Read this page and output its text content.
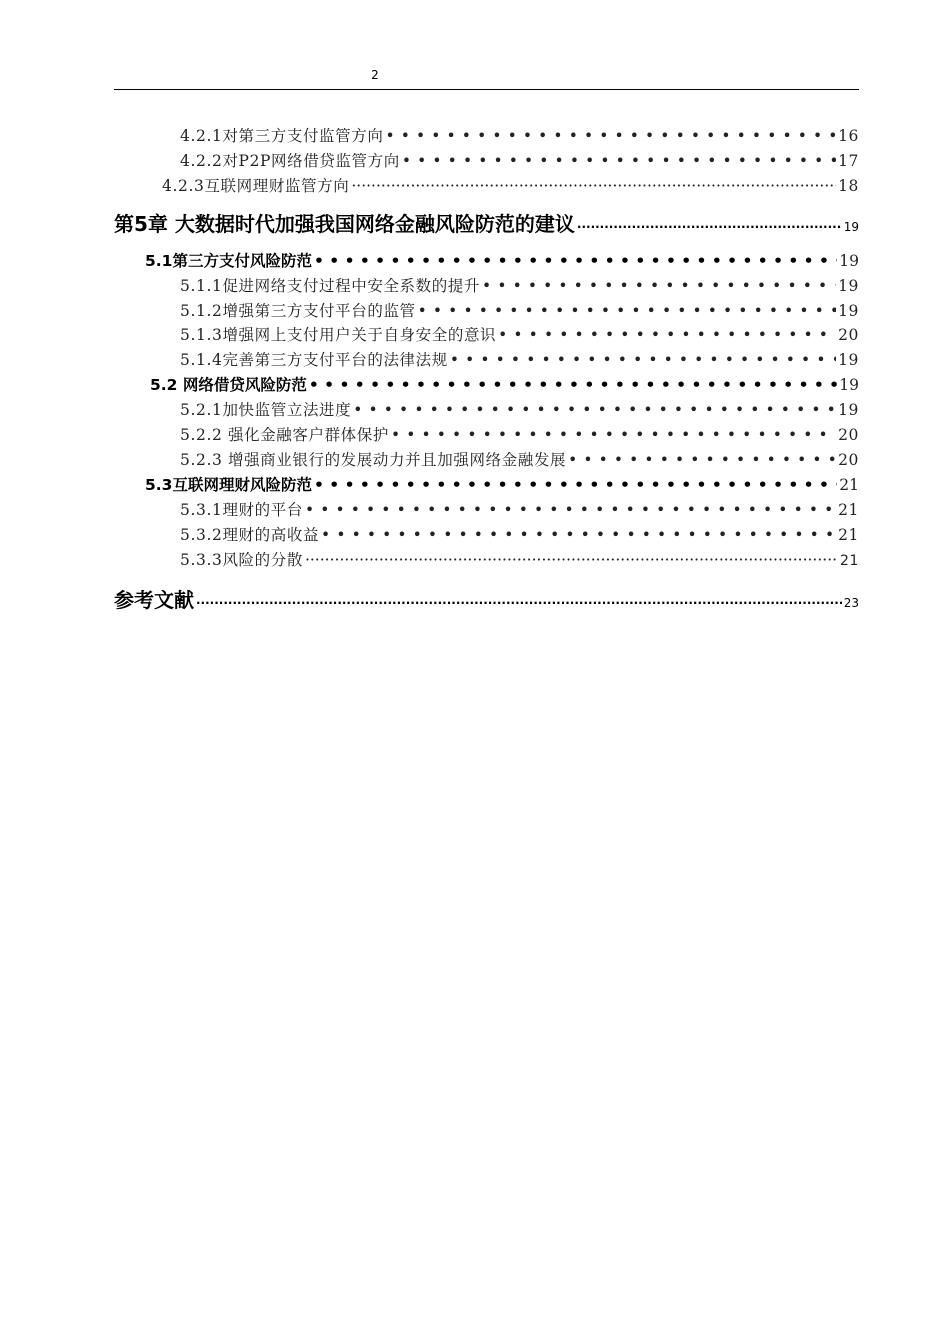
2
4.2.1对第三方支付监管方向 • • •	16
4.2.2对P2P网络借贷监管方向 • • •	17
4.2.3互联网理财监管方向 ·····	18
第5章 大数据时代加强我国网络金融风险防范的建议 ·····	19
5.1第三方支付风险防范 • • •	19
5.1.1促进网络支付过程中安全系数的提升 • • •	19
5.1.2增强第三方支付平台的监管 • • •	19
5.1.3增强网上支付用户关于自身安全的意识 • • •	20
5.1.4完善第三方支付平台的法律法规 • • •	19
5.2 网络借贷风险防范 • • •	19
5.2.1加快监管立法进度 • • •	19
5.2.2 强化金融客户群体保护 • • •	20
5.2.3 增强商业银行的发展动力并且加强网络金融发展 • • •	20
5.3互联网理财风险防范 • • •	21
5.3.1理财的平台 • • •	21
5.3.2理财的高收益 • • •	21
5.3.3风险的分散 ·····	21
参考文献 ·····	23
